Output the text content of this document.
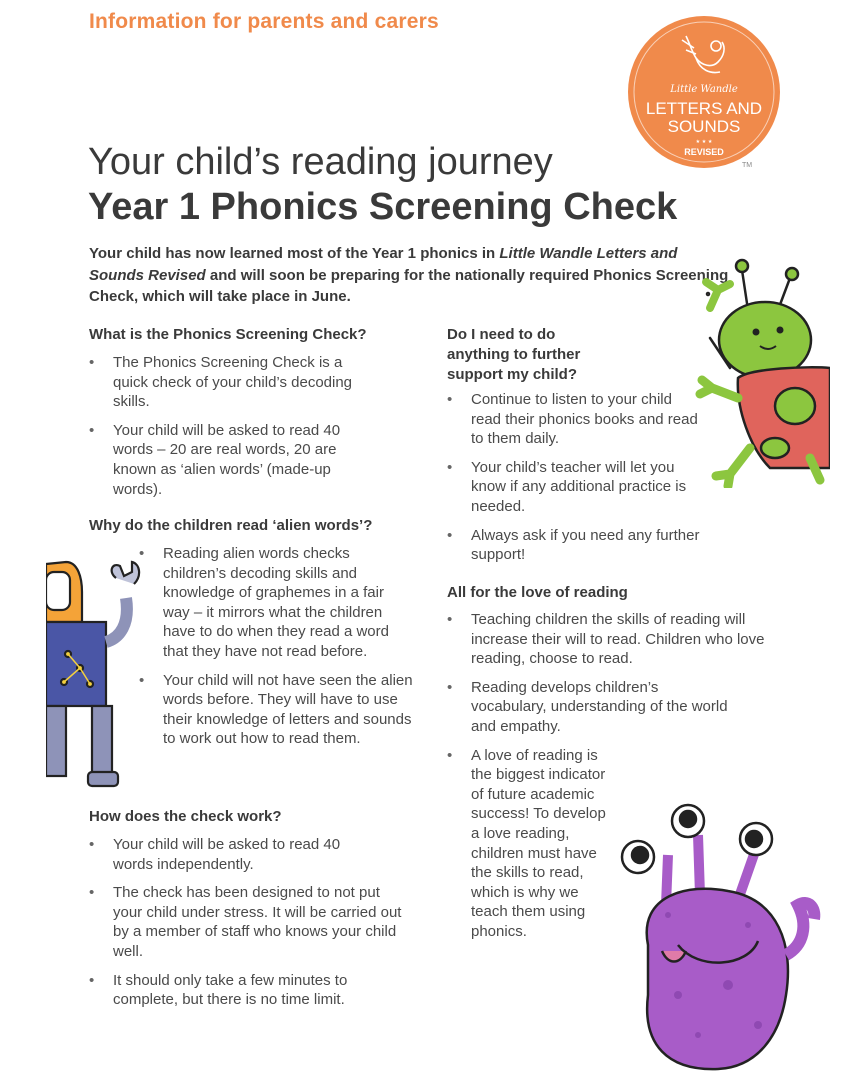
Information for parents and carers
Little Wandle
LETTERS AND
SOUNDS
★ ★ ★
REVISED
TM
Your child’s reading journey
Year 1 Phonics Screening Check
Your child has now learned most of the Year 1 phonics in Little Wandle Letters and Sounds Revised and will soon be preparing for the nationally required Phonics Screening Check, which will take place in June.
What is the Phonics Screening Check?
• The Phonics Screening Check is a quick check of your child’s decoding skills.
• Your child will be asked to read 40 words – 20 are real words, 20 are known as ‘alien words’ (made-up words).
Why do the children read ‘alien words’?
• Reading alien words checks children’s decoding skills and knowledge of graphemes in a fair way – it mirrors what the children have to do when they read a word that they have not read before.
• Your child will not have seen the alien words before. They will have to use their knowledge of letters and sounds to work out how to read them.
How does the check work?
• Your child will be asked to read 40 words independently.
• The check has been designed to not put your child under stress. It will be carried out by a member of staff who knows your child well.
• It should only take a few minutes to complete, but there is no time limit.
Do I need to do anything to further support my child?
• Continue to listen to your child read their phonics books and read to them daily.
• Your child’s teacher will let you know if any additional practice is needed.
• Always ask if you need any further support!
All for the love of reading
• Teaching children the skills of reading will increase their will to read. Children who love reading, choose to read.
• Reading develops children’s vocabulary, understanding of the world and empathy.
• A love of reading is the biggest indicator of future academic success! To develop a love reading, children must have the skills to read, which is why we teach them using phonics.
